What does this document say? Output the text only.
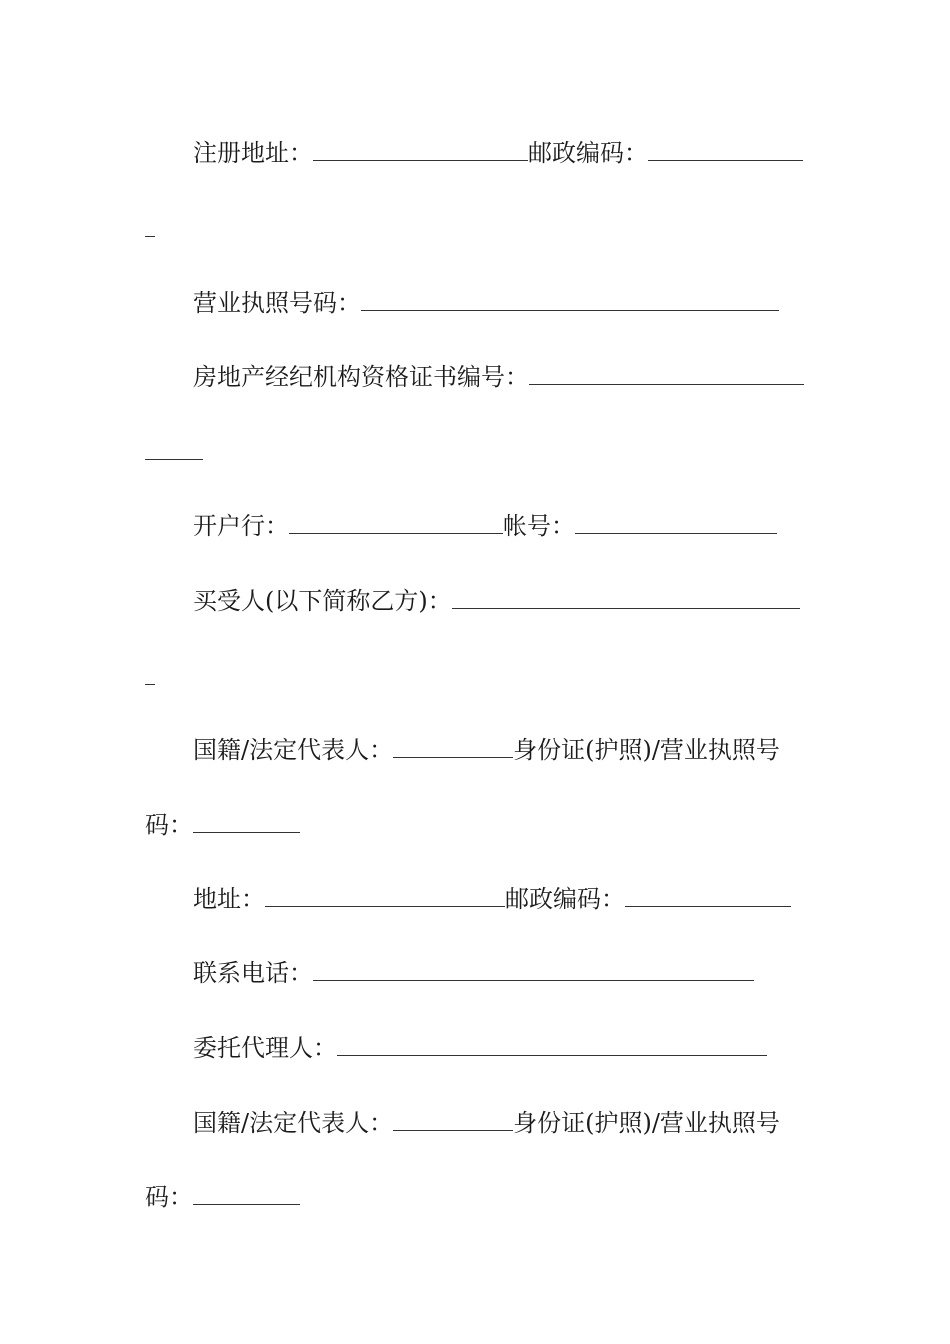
注册地址：	邮政编码：
营业执照号码：
房地产经纪机构资格证书编号：
开户行：	帐号：
买受人(以下简称乙方)：
国籍/法定代表人：	身份证(护照)/营业执照号
码：
地址：	邮政编码：
联系电话：
委托代理人：
国籍/法定代表人：	身份证(护照)/营业执照号
码：
